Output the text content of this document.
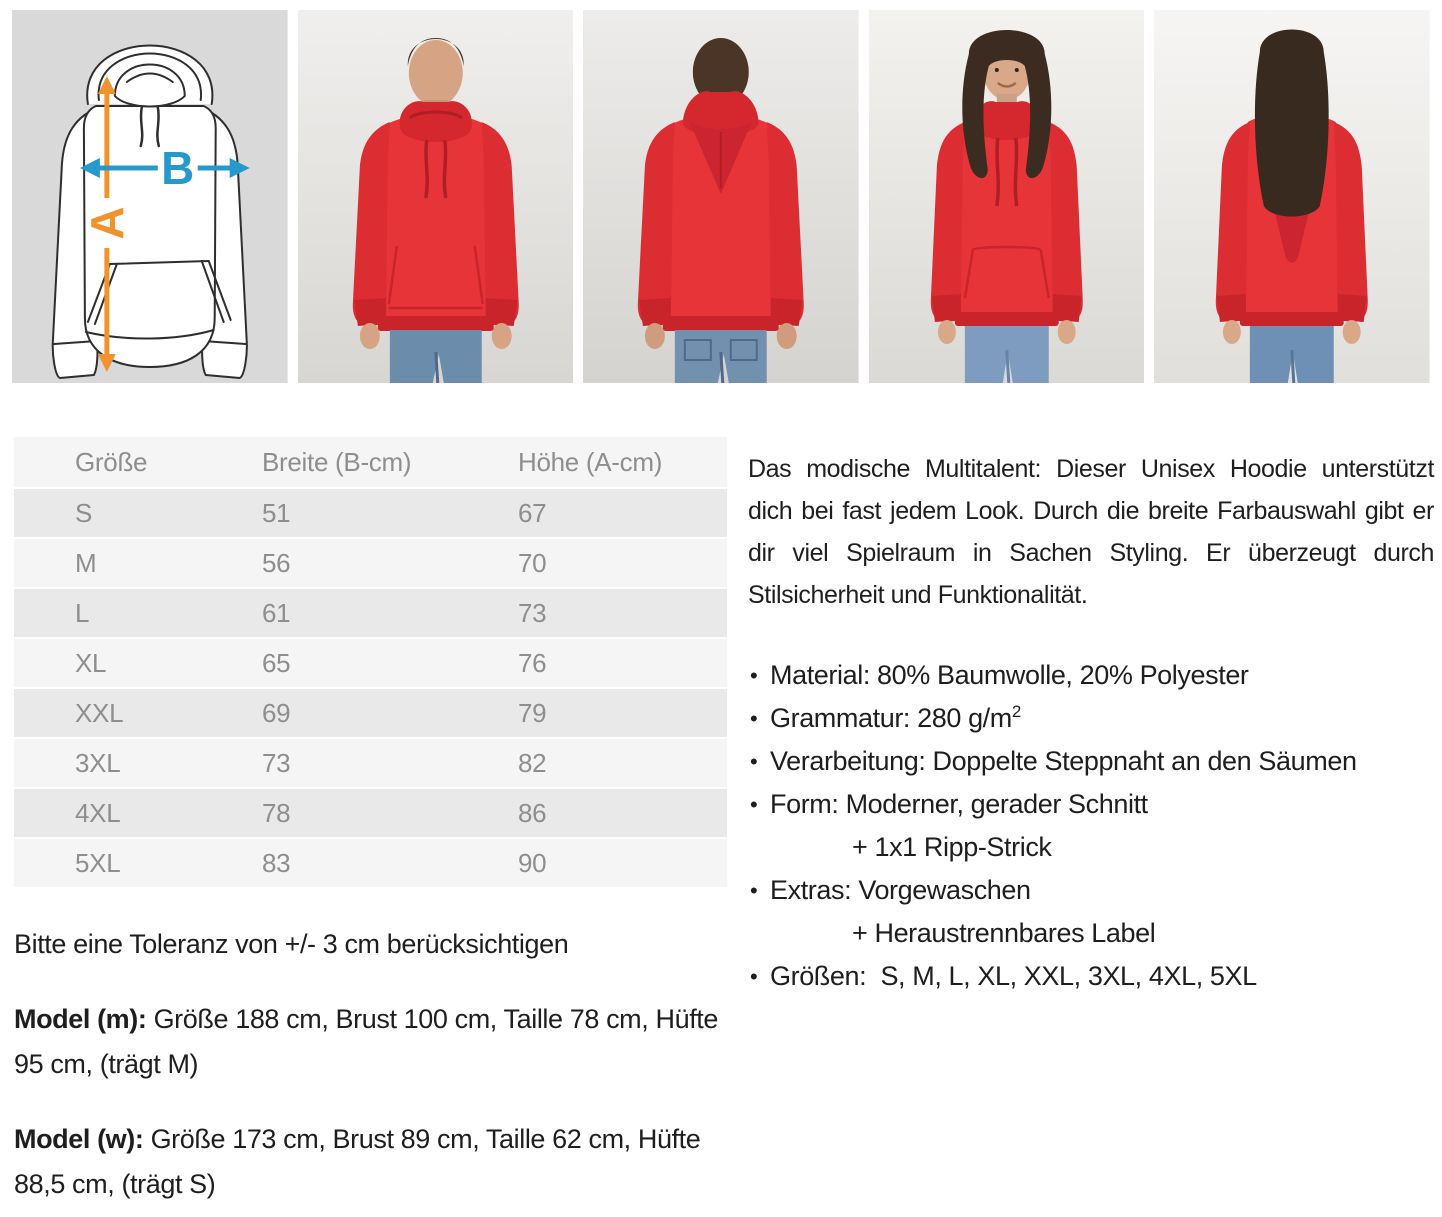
A
B
Größe	Breite (B-cm)	Höhe (A-cm)
S	51	67
M	56	70
L	61	73
XL	65	76
XXL	69	79
3XL	73	82
4XL	78	86
5XL	83	90

Bitte eine Toleranz von +/- 3 cm berücksichtigen

Model (m): Größe 188 cm, Brust 100 cm, Taille 78 cm, Hüfte 95 cm, (trägt M)

Model (w): Größe 173 cm, Brust 89 cm, Taille 62 cm, Hüfte 88,5 cm, (trägt S)

Das modische Multitalent: Dieser Unisex Hoodie unterstützt dich bei fast jedem Look. Durch die breite Farbauswahl gibt er dir viel Spielraum in Sachen Styling. Er überzeugt durch Stilsicherheit und Funktionalität.

• Material: 80% Baumwolle, 20% Polyester
• Grammatur: 280 $g/m^2$
• Verarbeitung: Doppelte Steppnaht an den Säumen
• Form: Moderner, gerader Schnitt
+ 1x1 Ripp-Strick
• Extras: Vorgewaschen
+ Heraustrennbares Label
• Größen:  S, M, L, XL, XXL, 3XL, 4XL, 5XL
